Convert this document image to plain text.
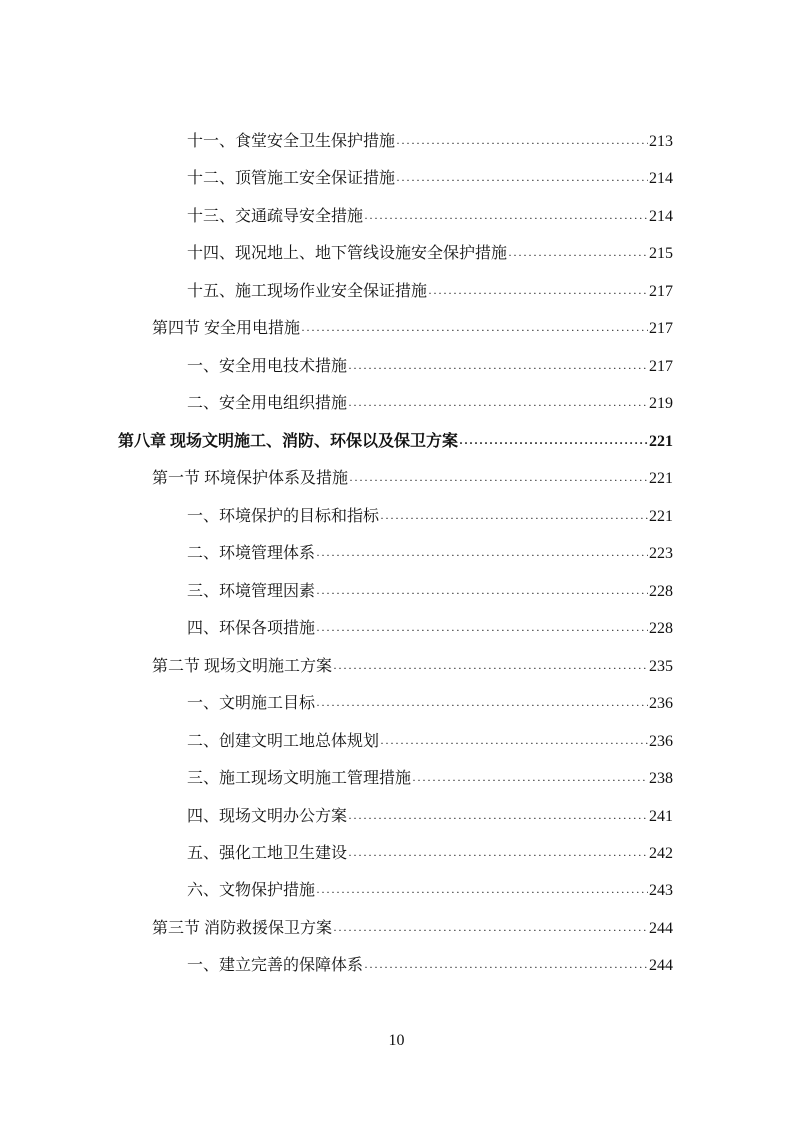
十一、食堂安全卫生保护措施 ·····	213
十二、顶管施工安全保证措施 ·····	214
十三、交通疏导安全措施 ·····	214
十四、现况地上、地下管线设施安全保护措施 ·····	215
十五、施工现场作业安全保证措施 ·····	217
第四节 安全用电措施 ·····	217
一、安全用电技术措施 ·····	217
二、安全用电组织措施 ·····	219
第八章 现场文明施工、消防、环保以及保卫方案 ·····	221
第一节 环境保护体系及措施 ·····	221
一、环境保护的目标和指标 ·····	221
二、环境管理体系 ·····	223
三、环境管理因素 ·····	228
四、环保各项措施 ·····	228
第二节 现场文明施工方案 ·····	235
一、文明施工目标 ·····	236
二、创建文明工地总体规划 ·····	236
三、施工现场文明施工管理措施 ·····	238
四、现场文明办公方案 ·····	241
五、强化工地卫生建设 ·····	242
六、文物保护措施 ·····	243
第三节 消防救援保卫方案 ·····	244
一、建立完善的保障体系 ·····	244
10
